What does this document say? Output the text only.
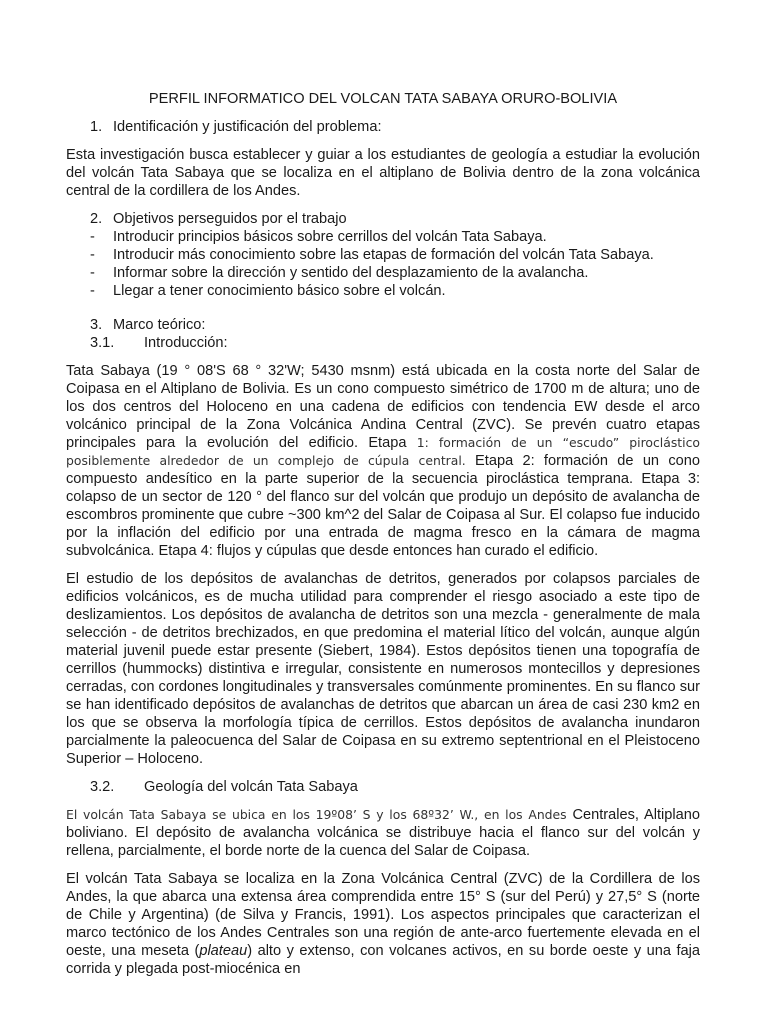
PERFIL INFORMATICO DEL VOLCAN TATA SABAYA ORURO-BOLIVIA
1. Identificación y justificación del problema:

Esta investigación busca establecer y guiar a los estudiantes de geología a estudiar la evolución del volcán Tata Sabaya que se localiza en el altiplano de Bolivia dentro de la zona volcánica central de la cordillera de los Andes.

2. Objetivos perseguidos por el trabajo
-	Introducir principios básicos sobre cerrillos del volcán Tata Sabaya.
-	Introducir más conocimiento sobre las etapas de formación del volcán Tata Sabaya.
-	Informar sobre la dirección y sentido del desplazamiento de la avalancha.
-	Llegar a tener conocimiento básico sobre el volcán.
3. Marco teórico:
3.1.	Introducción:

Tata Sabaya (19 ° 08'S 68 ° 32'W; 5430 msnm) está ubicada en la costa norte del Salar de Coipasa en el Altiplano de Bolivia. Es un cono compuesto simétrico de 1700 m de altura; uno de los dos centros del Holoceno en una cadena de edificios con tendencia EW desde el arco volcánico principal de la Zona Volcánica Andina Central (ZVC). Se prevén cuatro etapas principales para la evolución del edificio. Etapa 1: formación de un “escudo” piroclástico posiblemente alrededor de un complejo de cúpula central. Etapa 2: formación de un cono compuesto andesítico en la parte superior de la secuencia piroclástica temprana. Etapa 3: colapso de un sector de 120 ° del flanco sur del volcán que produjo un depósito de avalancha de escombros prominente que cubre ~300 km^2 del Salar de Coipasa al Sur. El colapso fue inducido por la inflación del edificio por una entrada de magma fresco en la cámara de magma subvolcánica. Etapa 4: flujos y cúpulas que desde entonces han curado el edificio.

El estudio de los depósitos de avalanchas de detritos, generados por colapsos parciales de edificios volcánicos, es de mucha utilidad para comprender el riesgo asociado a este tipo de deslizamientos. Los depósitos de avalancha de detritos son una mezcla - generalmente de mala selección - de detritos brechizados, en que predomina el material lítico del volcán, aunque algún material juvenil puede estar presente (Siebert, 1984). Estos depósitos tienen una topografía de cerrillos (hummocks) distintiva e irregular, consistente en numerosos montecillos y depresiones cerradas, con cordones longitudinales y transversales comúnmente prominentes. En su flanco sur se han identificado depósitos de avalanchas de detritos que abarcan un área de casi 230 km2 en los que se observa la morfología típica de cerrillos. Estos depósitos de avalancha inundaron parcialmente la paleocuenca del Salar de Coipasa en su extremo septentrional en el Pleistoceno Superior – Holoceno.

3.2.	Geología del volcán Tata Sabaya

El volcán Tata Sabaya se ubica en los 19º08’ S y los 68º32’ W., en los Andes Centrales, Altiplano boliviano. El depósito de avalancha volcánica se distribuye hacia el flanco sur del volcán y rellena, parcialmente, el borde norte de la cuenca del Salar de Coipasa.

El volcán Tata Sabaya se localiza en la Zona Volcánica Central (ZVC) de la Cordillera de los Andes, la que abarca una extensa área comprendida entre 15° S (sur del Perú) y 27,5° S (norte de Chile y Argentina) (de Silva y Francis, 1991). Los aspectos principales que caracterizan el marco tectónico de los Andes Centrales son una región de ante-arco fuertemente elevada en el oeste, una meseta (plateau) alto y extenso, con volcanes activos, en su borde oeste y una faja corrida y plegada post-miocénica en
